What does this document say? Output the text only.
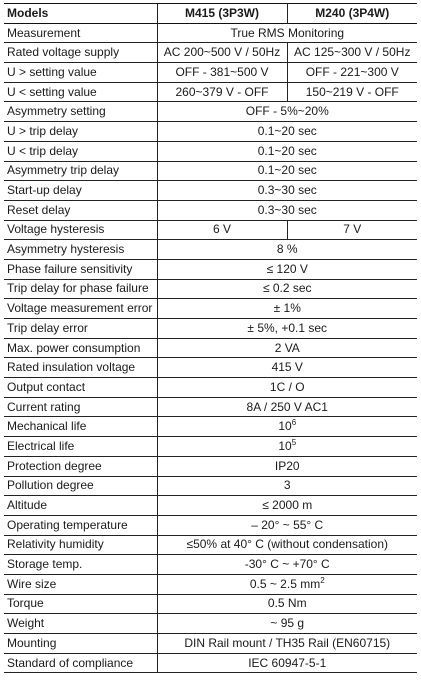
Models	M415 (3P3W)	M240 (3P4W)
Measurement	True RMS Monitoring	
Rated voltage supply	AC 200~500 V / 50Hz	AC 125~300 V / 50Hz
U > setting value	OFF - 381~500 V	OFF - 221~300 V
U < setting value	260~379 V - OFF	150~219 V - OFF
Asymmetry setting	OFF - 5%~20%	
U > trip delay	0.1~20 sec	
U < trip delay	0.1~20 sec	
Asymmetry trip delay	0.1~20 sec	
Start-up delay	0.3~30 sec	
Reset delay	0.3~30 sec	
Voltage hysteresis	6 V	7 V
Asymmetry hysteresis	8 %	
Phase failure sensitivity	≤ 120 V	
Trip delay for phase failure	≤ 0.2 sec	
Voltage measurement error	± 1%	
Trip delay error	± 5%, +0.1 sec	
Max. power consumption	2 VA	
Rated insulation voltage	415 V	
Output contact	1C / O	
Current rating	8A / 250 V AC1	
Mechanical life	$10^6$
Electrical life	$10^5$
Protection degree	IP20	
Pollution degree	3	
Altitude	≤ 2000 m	
Operating temperature	– 20° ~ 55° C	
Relativity humidity	≤50% at 40° C (without condensation)	
Storage temp.	-30° C ~ +70° C	
Wire size	0.5 ~ 2.5 $mm^2$
Torque	0.5 Nm	
Weight	~ 95 g	
Mounting	DIN Rail mount / TH35 Rail (EN60715)	
Standard of compliance	IEC 60947-5-1	
